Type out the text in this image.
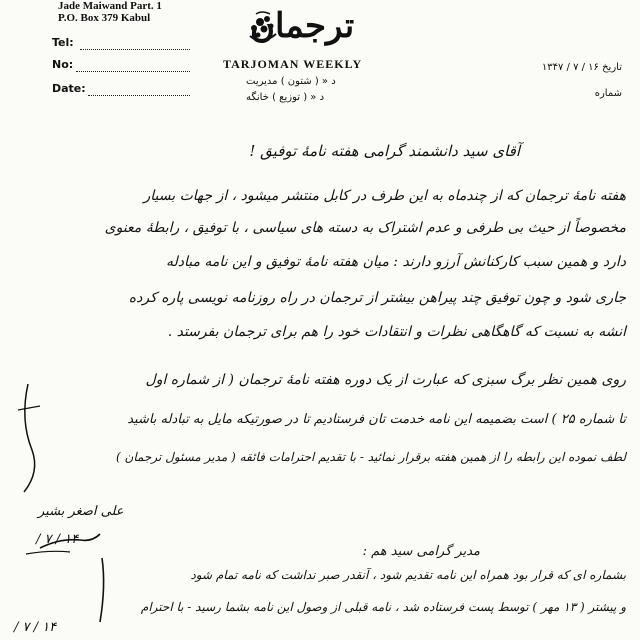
Jade Maiwand Part. 1
P.O. Box 379 Kabul
Tel:
No:
Date:
ترجمان
TARJOMAN WEEKLY
د « ( شتون ) مدیریت
د « ( توزیع ) خانگه
تاریخ ۱۶ / ۷ / ۱۳۴۷
شماره
آقای سید دانشمند گرامی هفته نامهٔ توفیق !
هفته نامهٔ ترجمان که از چندماه به این طرف در کابل منتشر میشود ، از جهات بسیار
مخصوصاً از حیث بی طرفی و عدم اشتراک به دسته های سیاسی ، با توفیق ، رابطهٔ معنوی
دارد و همین سبب کارکنانش آرزو دارند : میان هفته نامهٔ توفیق و این نامه مبادله
جاری شود و چون توفیق چند پیراهن بیشتر از ترجمان در راه روزنامه نویسی پاره کرده
انشه به نسبت که گاهگاهی نظرات و انتقادات خود را هم برای ترجمان بفرستد .
روی همین نظر برگ سبزی که عبارت از یک دوره هفته نامهٔ ترجمان ( از شماره اول
تا شماره ۲۵ ) است بضمیمه این نامه خدمت تان فرستادیم تا در صورتیکه مایل به تبادله باشید
لطف نموده این رابطه را از همین هفته برقرار نمائید - با تقدیم احترامات فائقه ( مدیر مسئول ترجمان )
علی اصغر بشیر
۱۴ / ۷ /
مدیر گرامی سید هم :
بشماره ای که قرار بود همراه این نامه تقدیم شود ، آنقدر صبر نداشت که نامه تمام شود
و پیشتر ( ۱۳ مهر ) توسط پست فرستاده شد ، نامه قبلی از وصول این نامه بشما رسید - با احترام
۱۴ / ۷ /
